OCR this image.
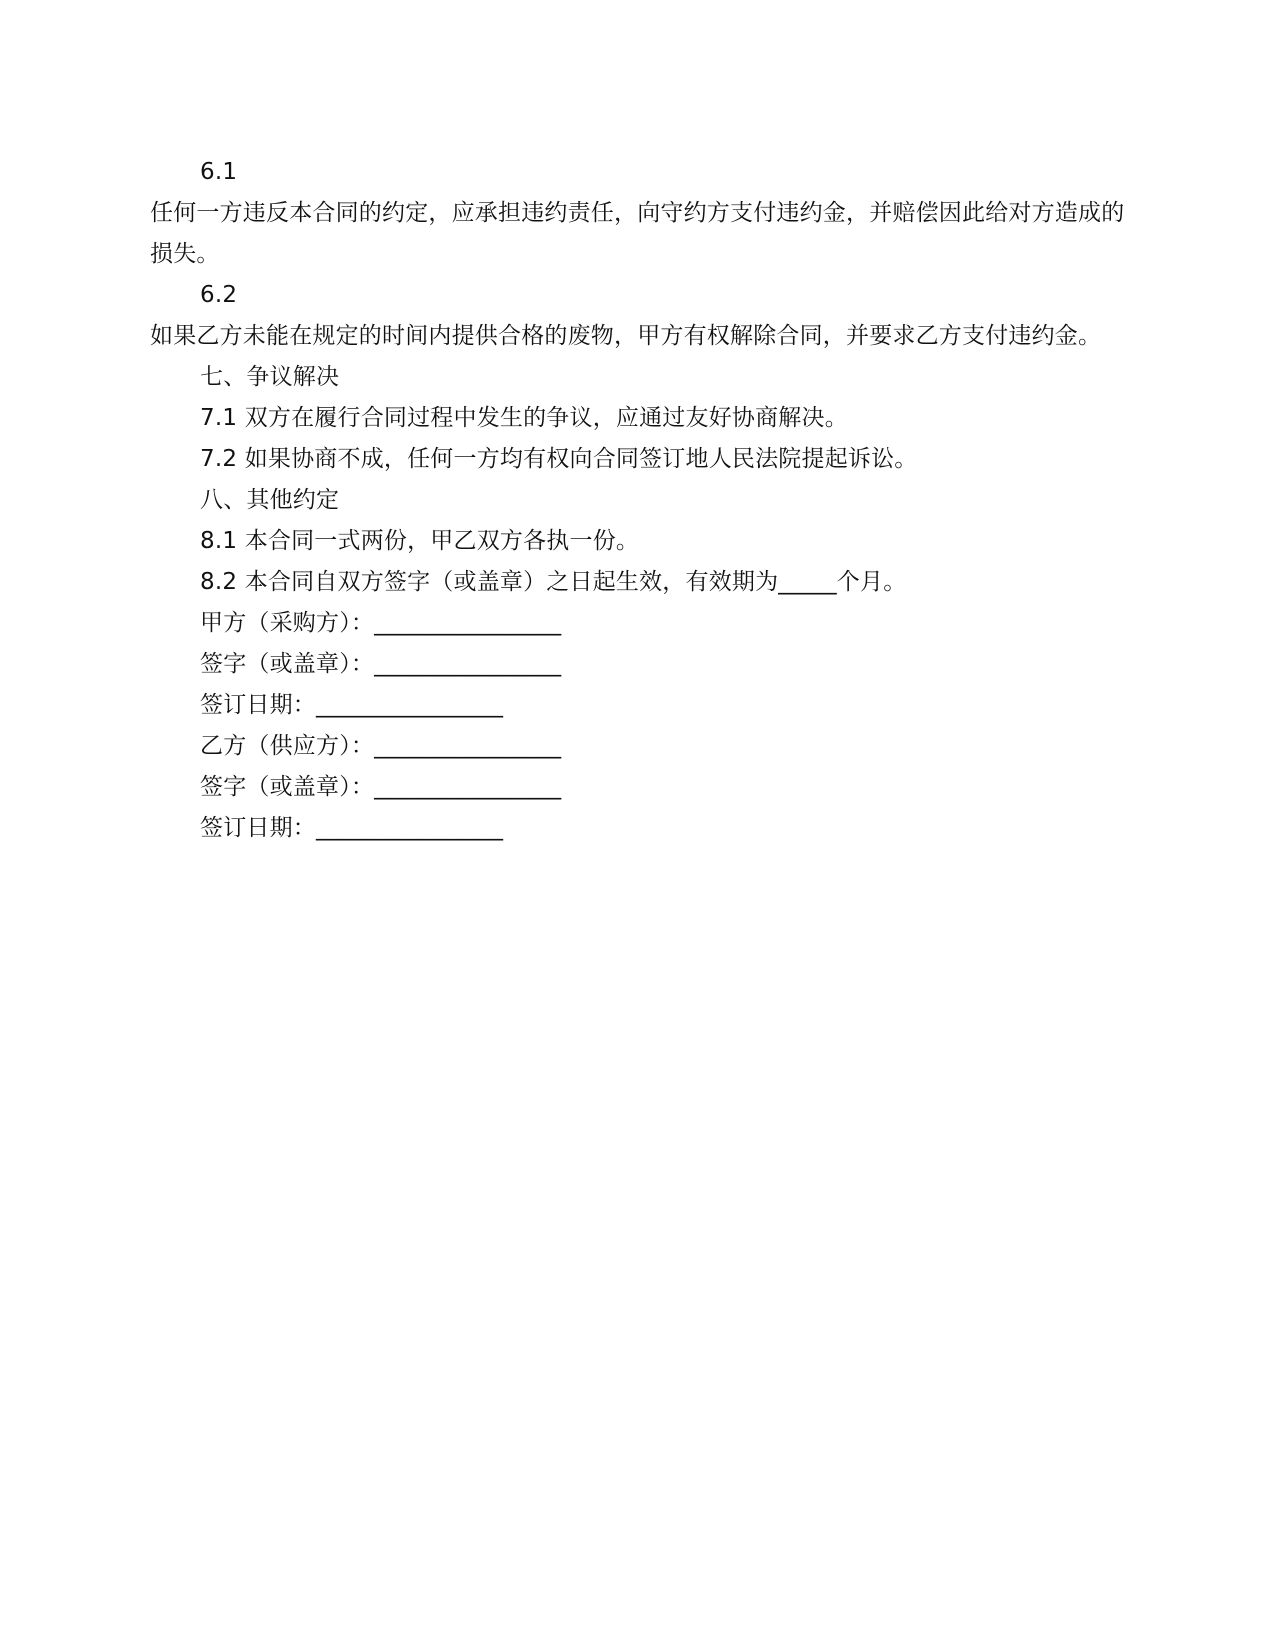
6.1
任何一方违反本合同的约定，应承担违约责任，向守约方支付违约金，并赔偿因此给对方造成的损失。
6.2
如果乙方未能在规定的时间内提供合格的废物，甲方有权解除合同，并要求乙方支付违约金。
七、争议解决
7.1 双方在履行合同过程中发生的争议，应通过友好协商解决。
7.2 如果协商不成，任何一方均有权向合同签订地人民法院提起诉讼。
八、其他约定
8.1 本合同一式两份，甲乙双方各执一份。
8.2 本合同自双方签字（或盖章）之日起生效，有效期为_____个月。
甲方（采购方）：________________
签字（或盖章）：________________
签订日期：________________
乙方（供应方）：________________
签字（或盖章）：________________
签订日期：________________
